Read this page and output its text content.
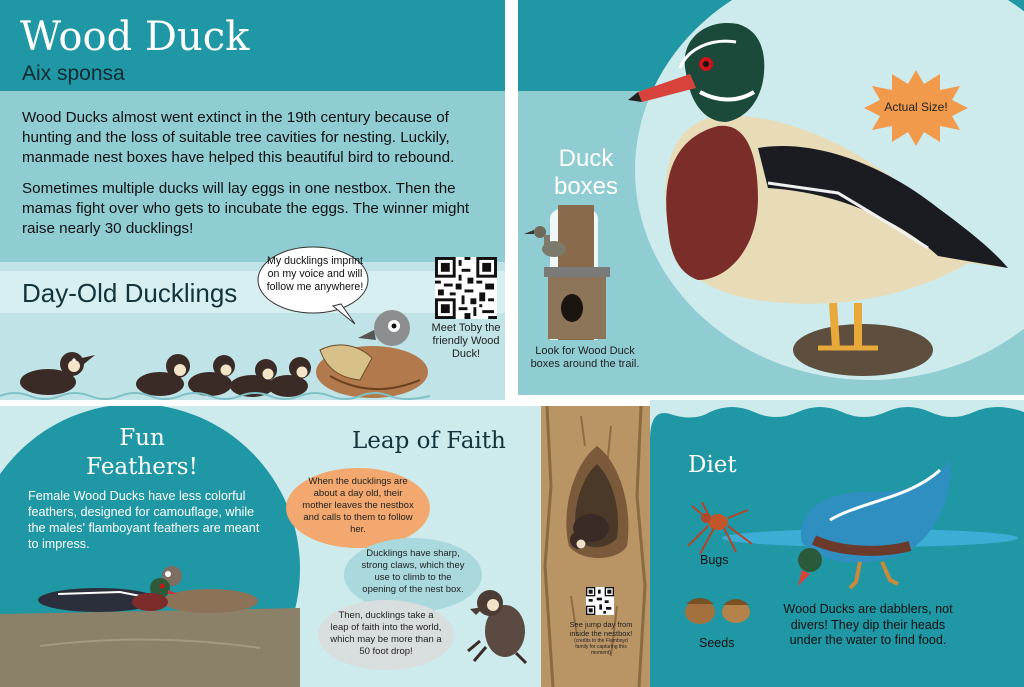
Wood Duck
Aix sponsa
Wood Ducks almost went extinct in the 19th century because of hunting and the loss of suitable tree cavities for nesting. Luckily, manmade nest boxes have helped this beautiful bird to rebound.
Sometimes multiple ducks will lay eggs in one nestbox. Then the mamas fight over who gets to incubate the eggs. The winner might raise nearly 30 ducklings!
Day-Old Ducklings
My ducklings imprint on my voice and will follow me anywhere!
Meet Toby the friendly Wood Duck!
Duck boxes
Look for Wood Duck boxes around the trail.
Actual Size!
Fun Feathers!
Female Wood Ducks have less colorful feathers, designed for camouflage, while the males' flamboyant feathers are meant to impress.
Leap of Faith
When the ducklings are about a day old, their mother leaves the nestbox and calls to them to follow her.
Ducklings have sharp, strong claws, which they use to climb to the opening of the nest box.
Then, ducklings take a leap of faith into the world, which may be more than a 50 foot drop!
See jump day from inside the nestbox!
(credits to the Flamboyd family for capturing this moment)
Diet
Bugs
Seeds
Wood Ducks are dabblers, not divers! They dip their heads under the water to find food.
